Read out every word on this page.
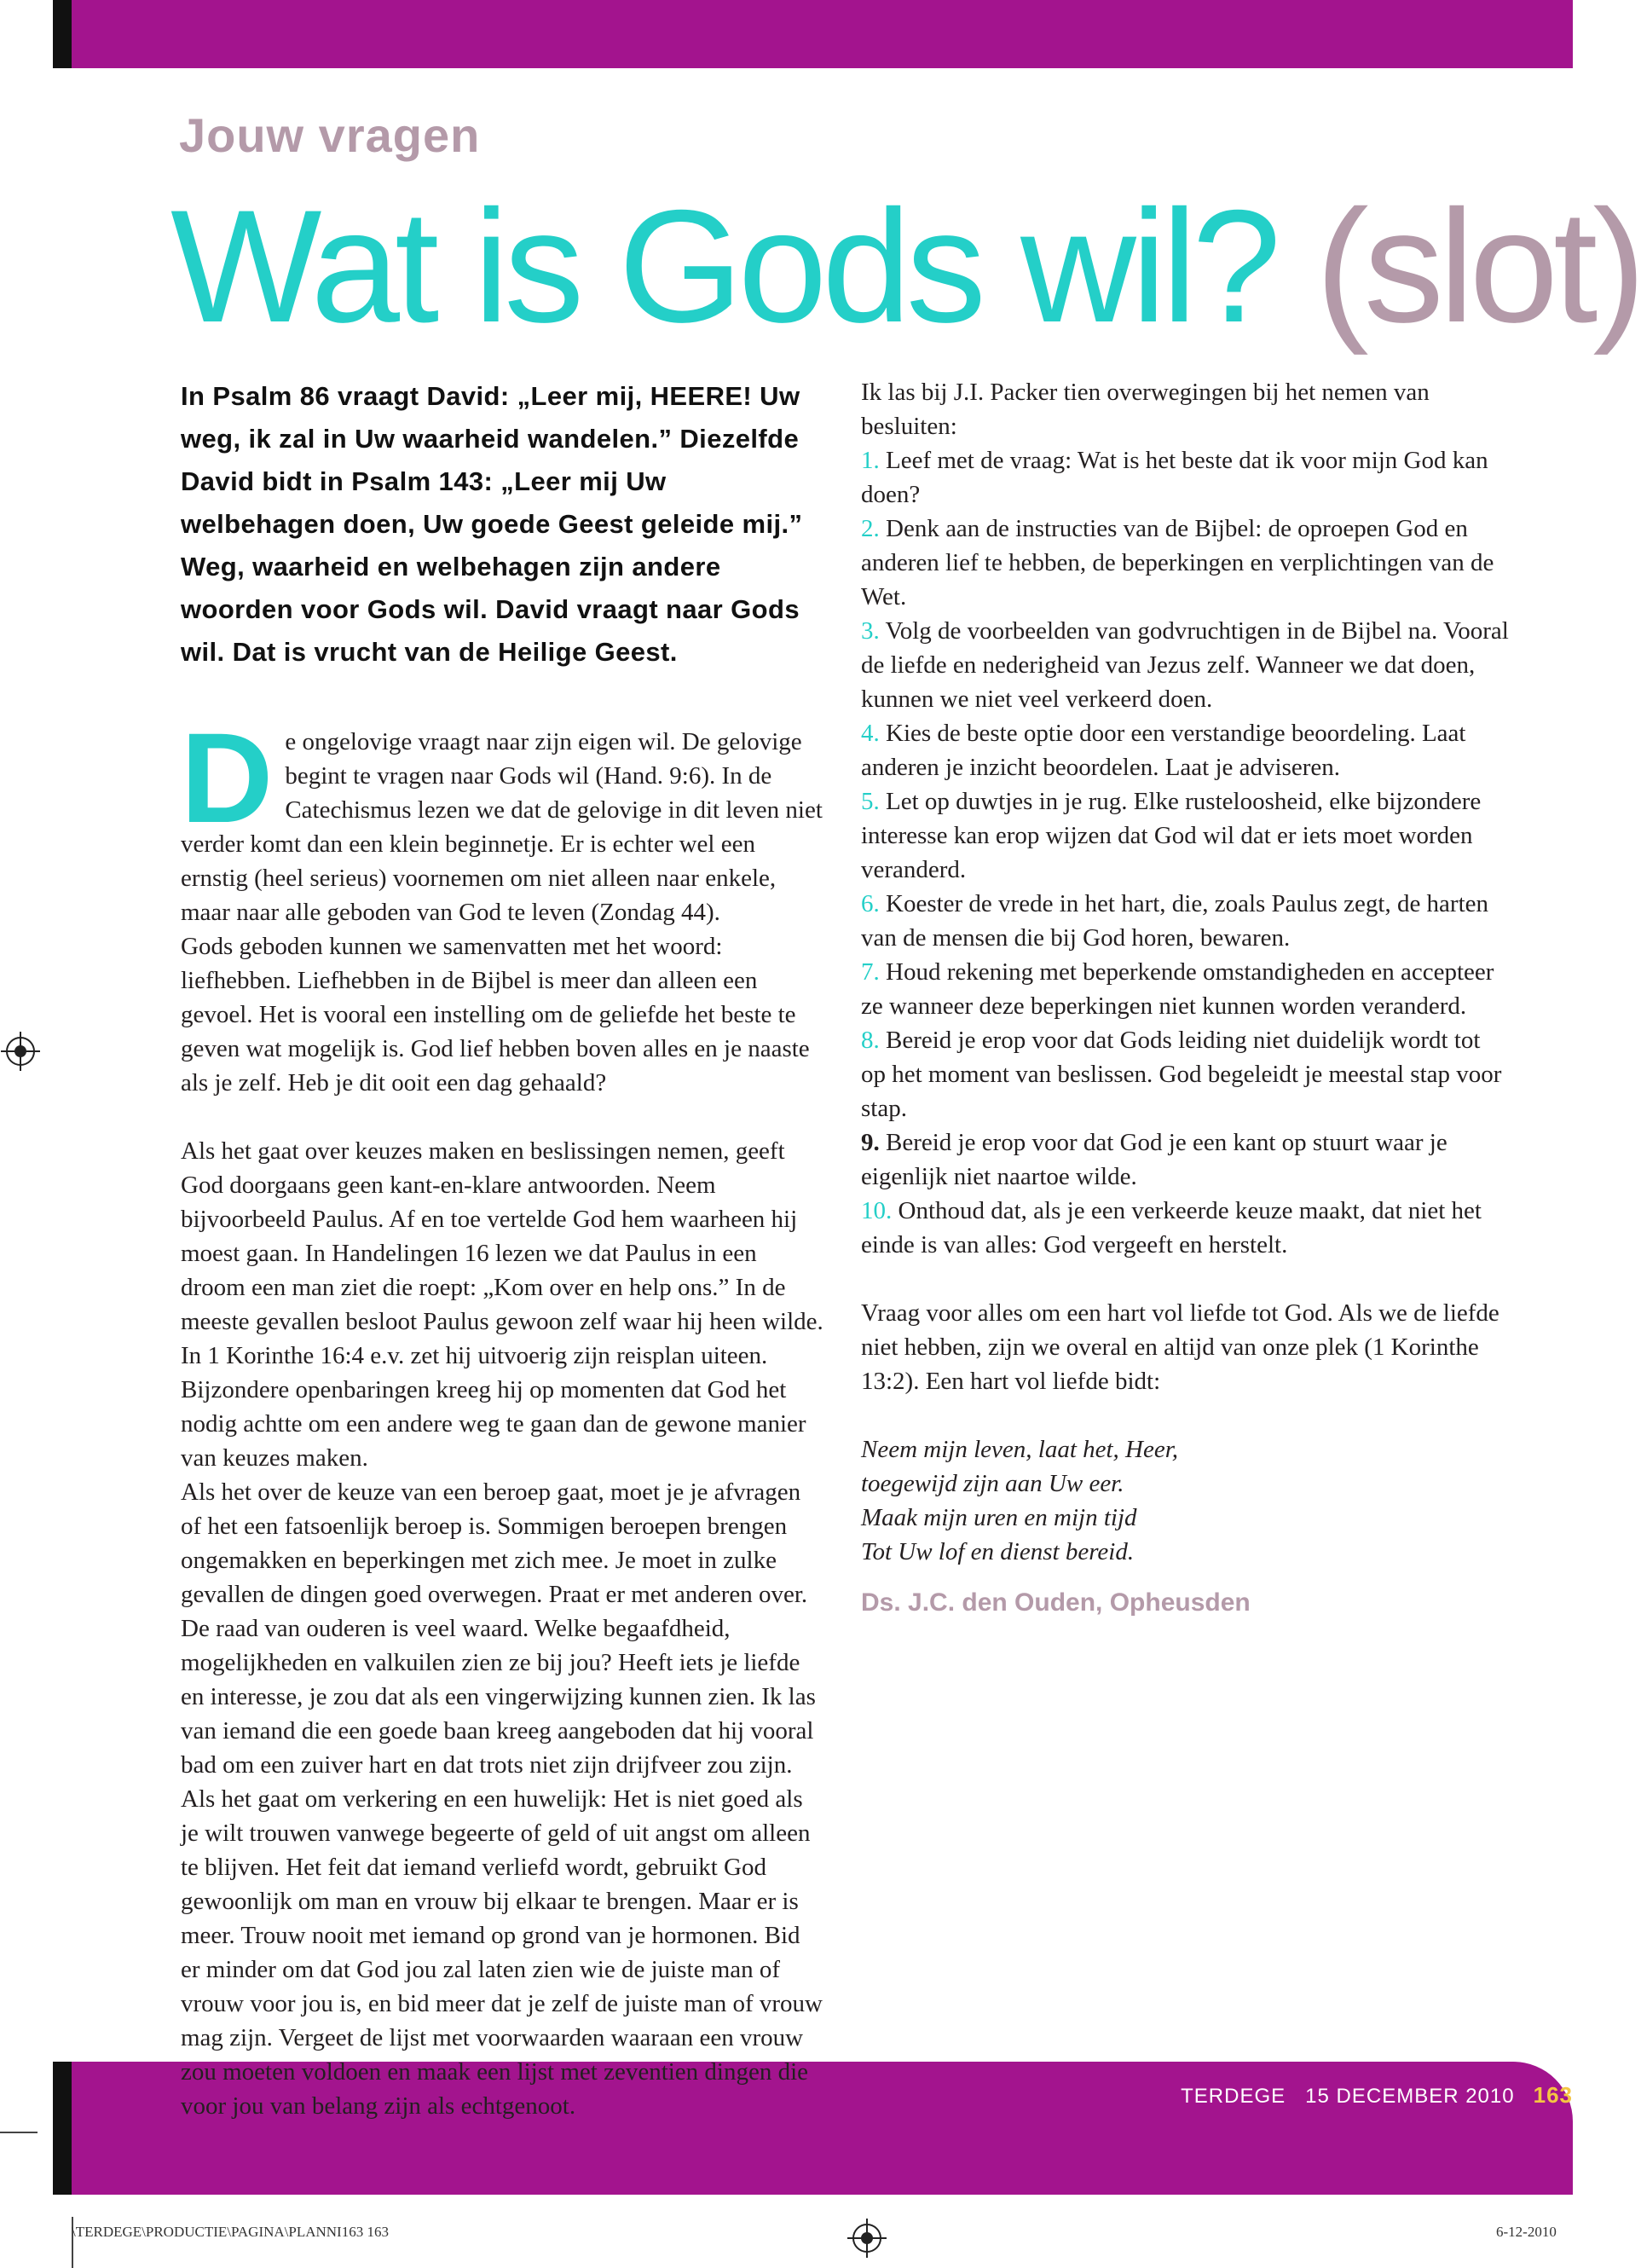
Jouw vragen
Wat is Gods wil? (slot)

In Psalm 86 vraagt David: „Leer mij, HEERE! Uw weg, ik zal in Uw waarheid wandelen.” Diezelfde David bidt in Psalm 143: „Leer mij Uw welbehagen doen, Uw goede Geest geleide mij.” Weg, waarheid en welbehagen zijn andere woorden voor Gods wil. David vraagt naar Gods wil. Dat is vrucht van de Heilige Geest.

De ongelovige vraagt naar zijn eigen wil. De gelovige begint te vragen naar Gods wil (Hand. 9:6). In de Catechismus lezen we dat de gelovige in dit leven niet verder komt dan een klein beginnetje. Er is echter wel een ernstig (heel serieus) voornemen om niet alleen naar enkele, maar naar alle geboden van God te leven (Zondag 44).

Gods geboden kunnen we samenvatten met het woord: liefhebben. Liefhebben in de Bijbel is meer dan alleen een gevoel. Het is vooral een instelling om de geliefde het beste te geven wat mogelijk is. God lief hebben boven alles en je naaste als je zelf. Heb je dit ooit een dag gehaald?

Als het gaat over keuzes maken en beslissingen nemen, geeft God doorgaans geen kant-en-klare antwoorden. Neem bijvoorbeeld Paulus. Af en toe vertelde God hem waarheen hij moest gaan. In Handelingen 16 lezen we dat Paulus in een droom een man ziet die roept: „Kom over en help ons.” In de meeste gevallen besloot Paulus gewoon zelf waar hij heen wilde. In 1 Korinthe 16:4 e.v. zet hij uitvoerig zijn reisplan uiteen. Bijzondere openbaringen kreeg hij op momenten dat God het nodig achtte om een andere weg te gaan dan de gewone manier van keuzes maken.

Als het over de keuze van een beroep gaat, moet je je afvragen of het een fatsoenlijk beroep is. Sommigen beroepen brengen ongemakken en beperkingen met zich mee. Je moet in zulke gevallen de dingen goed overwegen. Praat er met anderen over. De raad van ouderen is veel waard. Welke begaafdheid, mogelijkheden en valkuilen zien ze bij jou? Heeft iets je liefde en interesse, je zou dat als een vingerwijzing kunnen zien. Ik las van iemand die een goede baan kreeg aangeboden dat hij vooral bad om een zuiver hart en dat trots niet zijn drijfveer zou zijn.

Als het gaat om verkering en een huwelijk: Het is niet goed als je wilt trouwen vanwege begeerte of geld of uit angst om alleen te blijven. Het feit dat iemand verliefd wordt, gebruikt God gewoonlijk om man en vrouw bij elkaar te brengen. Maar er is meer. Trouw nooit met iemand op grond van je hormonen. Bid er minder om dat God jou zal laten zien wie de juiste man of vrouw voor jou is, en bid meer dat je zelf de juiste man of vrouw mag zijn. Vergeet de lijst met voorwaarden waaraan een vrouw zou moeten voldoen en maak een lijst met zeventien dingen die voor jou van belang zijn als echtgenoot.

Ik las bij J.I. Packer tien overwegingen bij het nemen van besluiten:

1. Leef met de vraag: Wat is het beste dat ik voor mijn God kan doen?

2. Denk aan de instructies van de Bijbel: de oproepen God en anderen lief te hebben, de beperkingen en verplichtingen van de Wet.

3. Volg de voorbeelden van godvruchtigen in de Bijbel na. Vooral de liefde en nederigheid van Jezus zelf. Wanneer we dat doen, kunnen we niet veel verkeerd doen.

4. Kies de beste optie door een verstandige beoordeling. Laat anderen je inzicht beoordelen. Laat je adviseren.

5. Let op duwtjes in je rug. Elke rusteloosheid, elke bijzondere interesse kan erop wijzen dat God wil dat er iets moet worden veranderd.

6. Koester de vrede in het hart, die, zoals Paulus zegt, de harten van de mensen die bij God horen, bewaren.

7. Houd rekening met beperkende omstandigheden en accepteer ze wanneer deze beperkingen niet kunnen worden veranderd.

8. Bereid je erop voor dat Gods leiding niet duidelijk wordt tot op het moment van beslissen. God begeleidt je meestal stap voor stap.

9. Bereid je erop voor dat God je een kant op stuurt waar je eigenlijk niet naartoe wilde.

10. Onthoud dat, als je een verkeerde keuze maakt, dat niet het einde is van alles: God vergeeft en herstelt.

Vraag voor alles om een hart vol liefde tot God. Als we de liefde niet hebben, zijn we overal en altijd van onze plek (1 Korinthe 13:2). Een hart vol liefde bidt:

Neem mijn leven, laat het, Heer,
toegewijd zijn aan Uw eer.
Maak mijn uren en mijn tijd
Tot Uw lof en dienst bereid.

Ds. J.C. den Ouden, Opheusden

TERDEGE 15 DECEMBER 2010 163
\TERDEGE\PRODUCTIE\PAGINA\PLANNI163 163	6-12-2010
